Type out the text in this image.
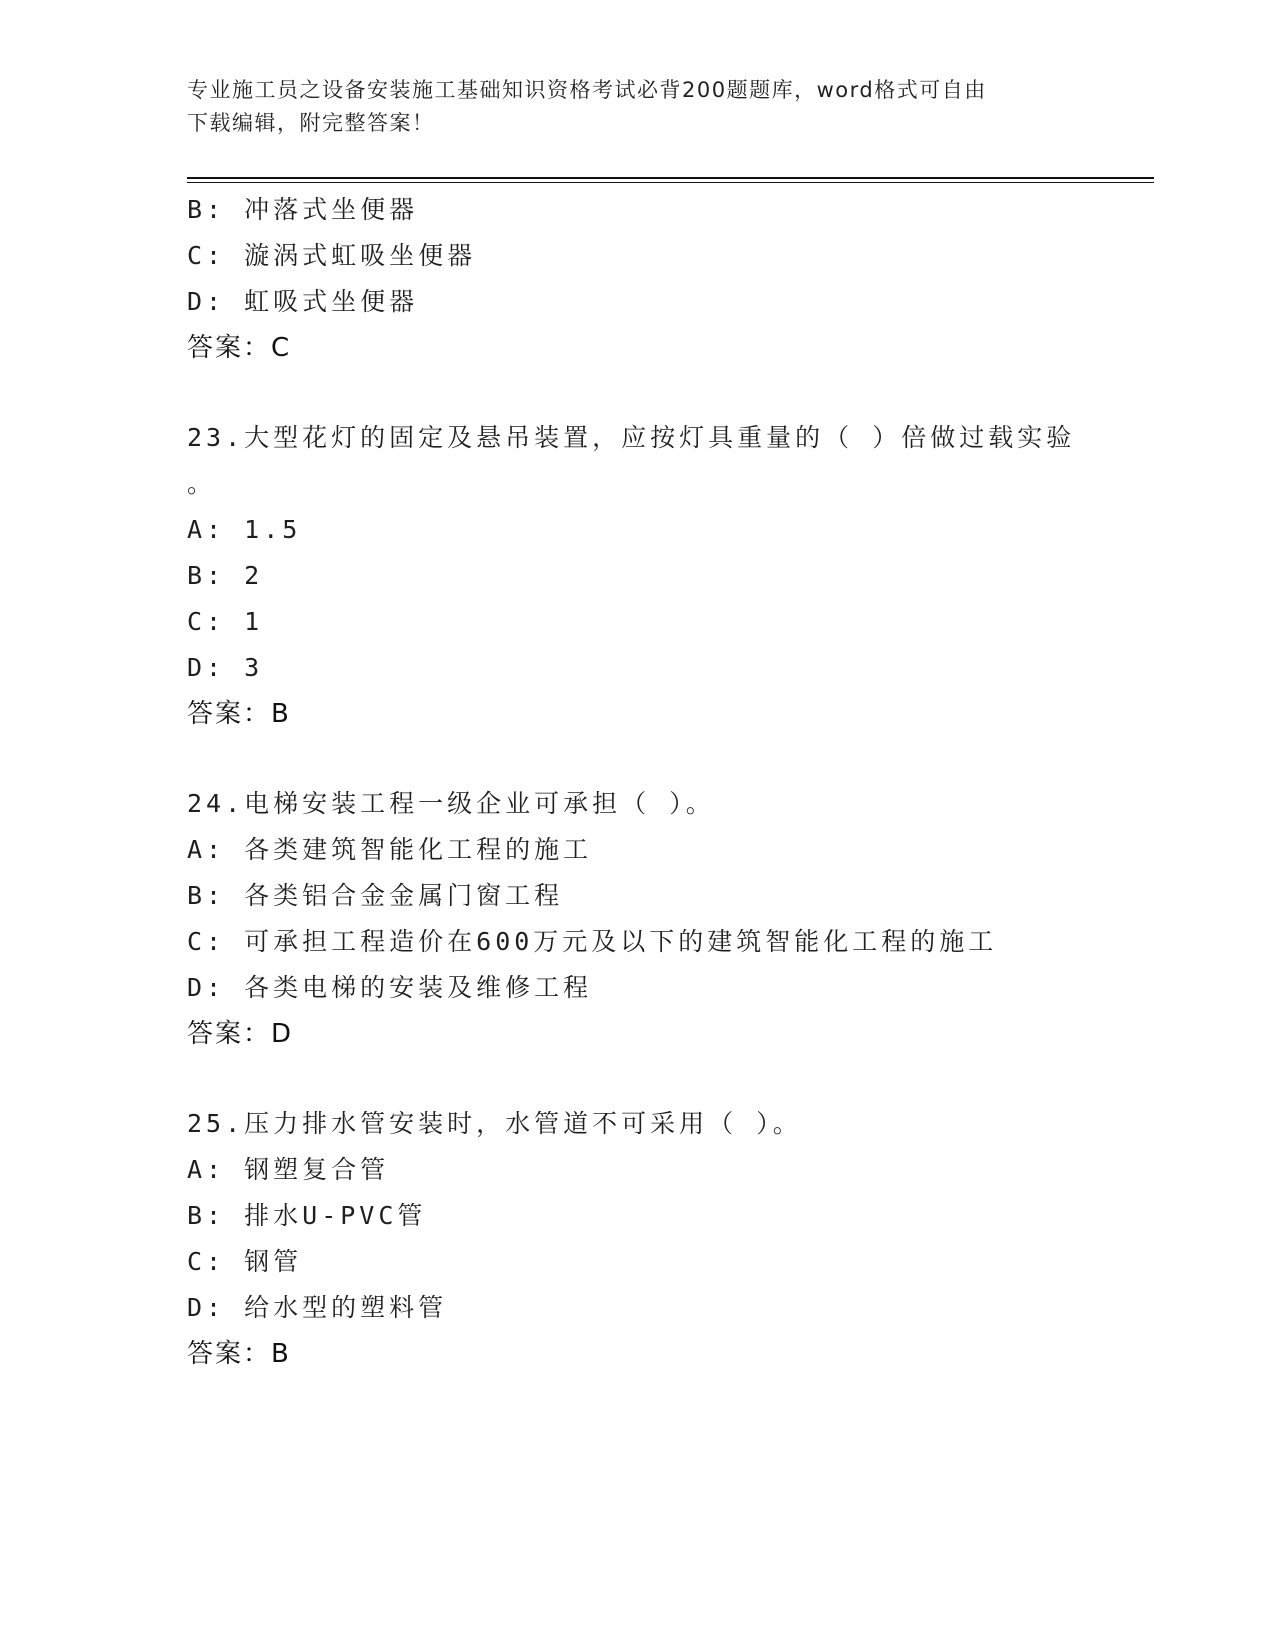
专业施工员之设备安装施工基础知识资格考试必背200题题库，word格式可自由
下载编辑，附完整答案！
B: 冲落式坐便器
C: 漩涡式虹吸坐便器
D: 虹吸式坐便器
答案：C
23.大型花灯的固定及悬吊装置，应按灯具重量的（ ）倍做过载实验
。
A: 1.5
B: 2
C: 1
D: 3
答案：B
24.电梯安装工程一级企业可承担（ ）。
A: 各类建筑智能化工程的施工
B: 各类铝合金金属门窗工程
C: 可承担工程造价在600万元及以下的建筑智能化工程的施工
D: 各类电梯的安装及维修工程
答案：D
25.压力排水管安装时，水管道不可采用（ ）。
A: 钢塑复合管
B: 排水U-PVC管
C: 钢管
D: 给水型的塑料管
答案：B
